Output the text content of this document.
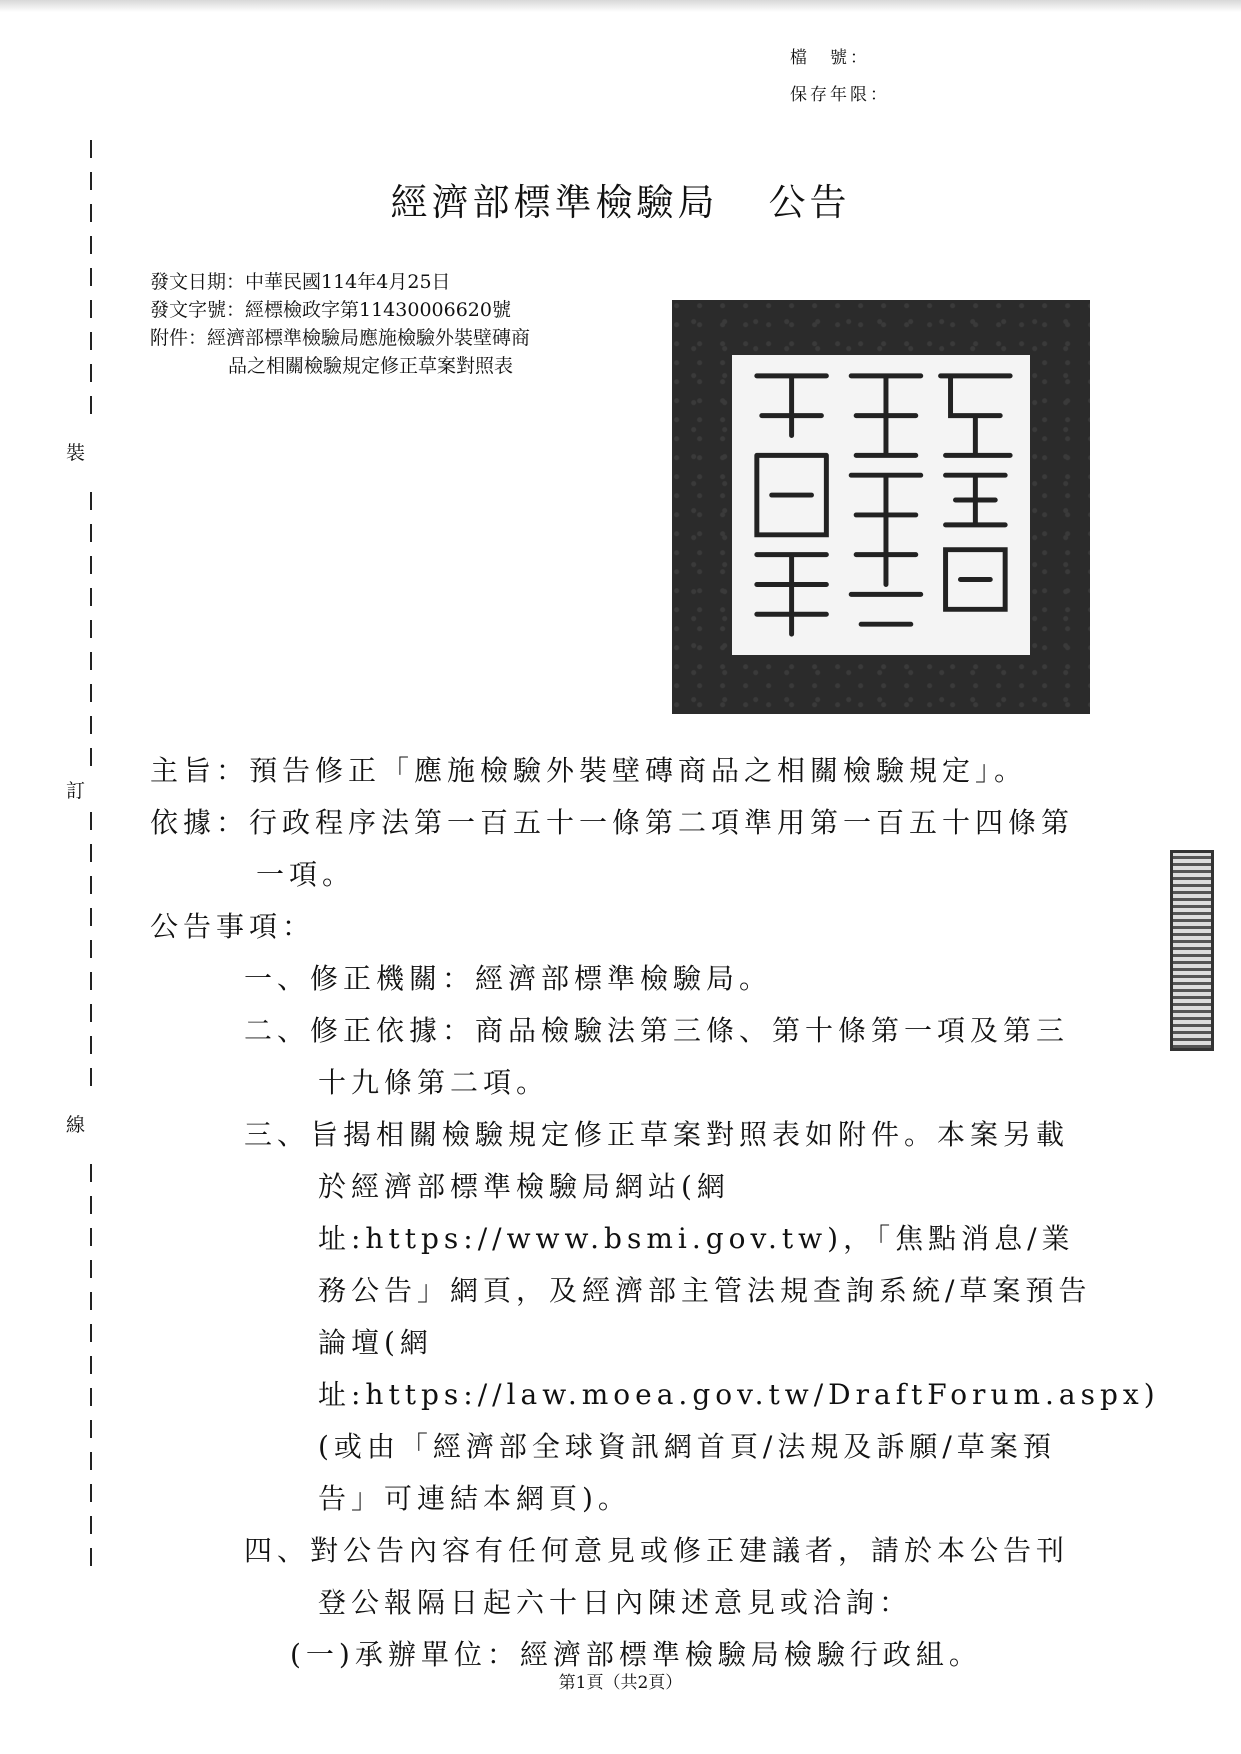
檔　號：
保存年限：
裝
訂
線
經濟部標準檢驗局 公告
發文日期：中華民國114年4月25日
發文字號：經標檢政字第11430006620號
附件：經濟部標準檢驗局應施檢驗外裝壁磚商
品之相關檢驗規定修正草案對照表

主旨：預告修正「應施檢驗外裝壁磚商品之相關檢驗規定」。

依據：行政程序法第一百五十一條第二項準用第一百五十四條第一項。

公告事項：

一、修正機關：經濟部標準檢驗局。

二、修正依據：商品檢驗法第三條、第十條第一項及第三十九條第二項。

三、旨揭相關檢驗規定修正草案對照表如附件。本案另載於經濟部標準檢驗局網站(網址:https://www.bsmi.gov.tw)，「焦點消息/業務公告」網頁，及經濟部主管法規查詢系統/草案預告論壇(網址:https://law.moea.gov.tw/DraftForum.aspx)(或由「經濟部全球資訊網首頁/法規及訴願/草案預告」可連結本網頁)。

四、對公告內容有任何意見或修正建議者，請於本公告刊登公報隔日起六十日內陳述意見或洽詢：

(一)承辦單位：經濟部標準檢驗局檢驗行政組。

第1頁（共2頁）
